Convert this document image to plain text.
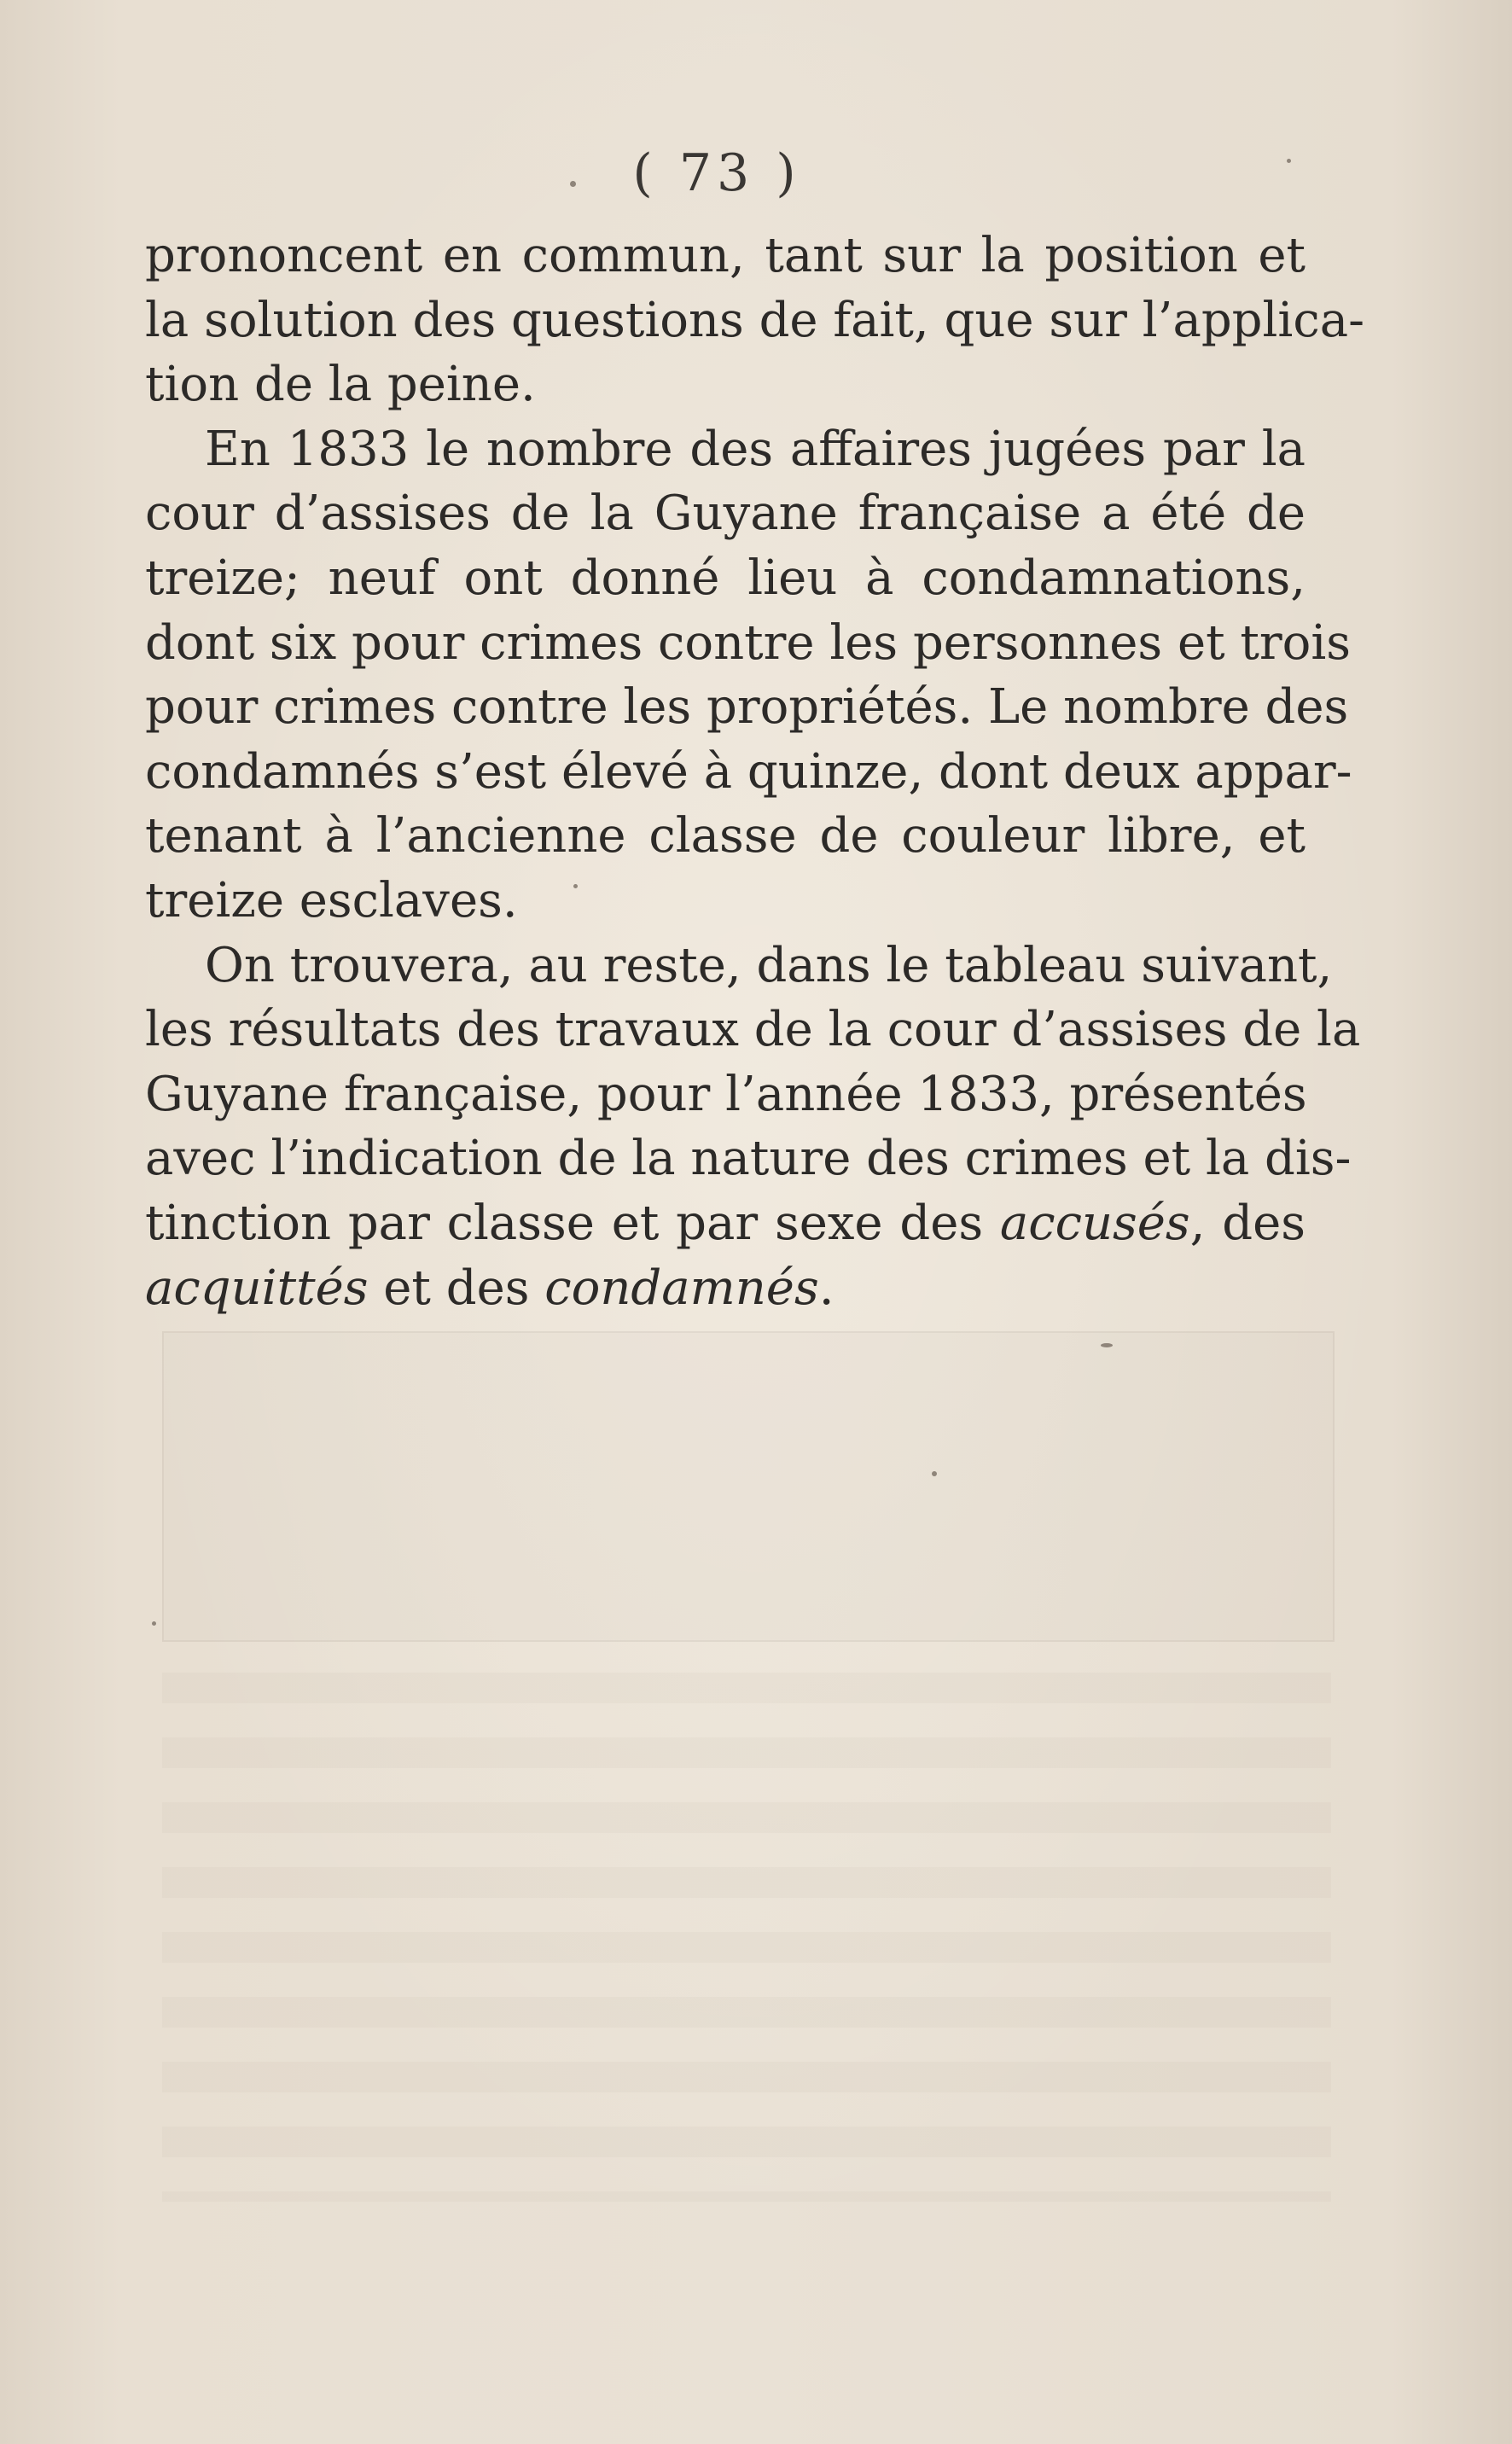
( 73 )
prononcent en commun, tant sur la position et
la solution des questions de fait, que sur l’applica-
tion de la peine.
En 1833 le nombre des affaires jugées par la
cour d’assises de la Guyane française a été de
treize; neuf ont donné lieu à condamnations,
dont six pour crimes contre les personnes et trois
pour crimes contre les propriétés. Le nombre des
condamnés s’est élevé à quinze, dont deux appar-
tenant à l’ancienne classe de couleur libre, et
treize esclaves.
On trouvera, au reste, dans le tableau suivant,
les résultats des travaux de la cour d’assises de la
Guyane française, pour l’année 1833, présentés
avec l’indication de la nature des crimes et la dis-
tinction par classe et par sexe des accusés, des
acquittés et des condamnés.
